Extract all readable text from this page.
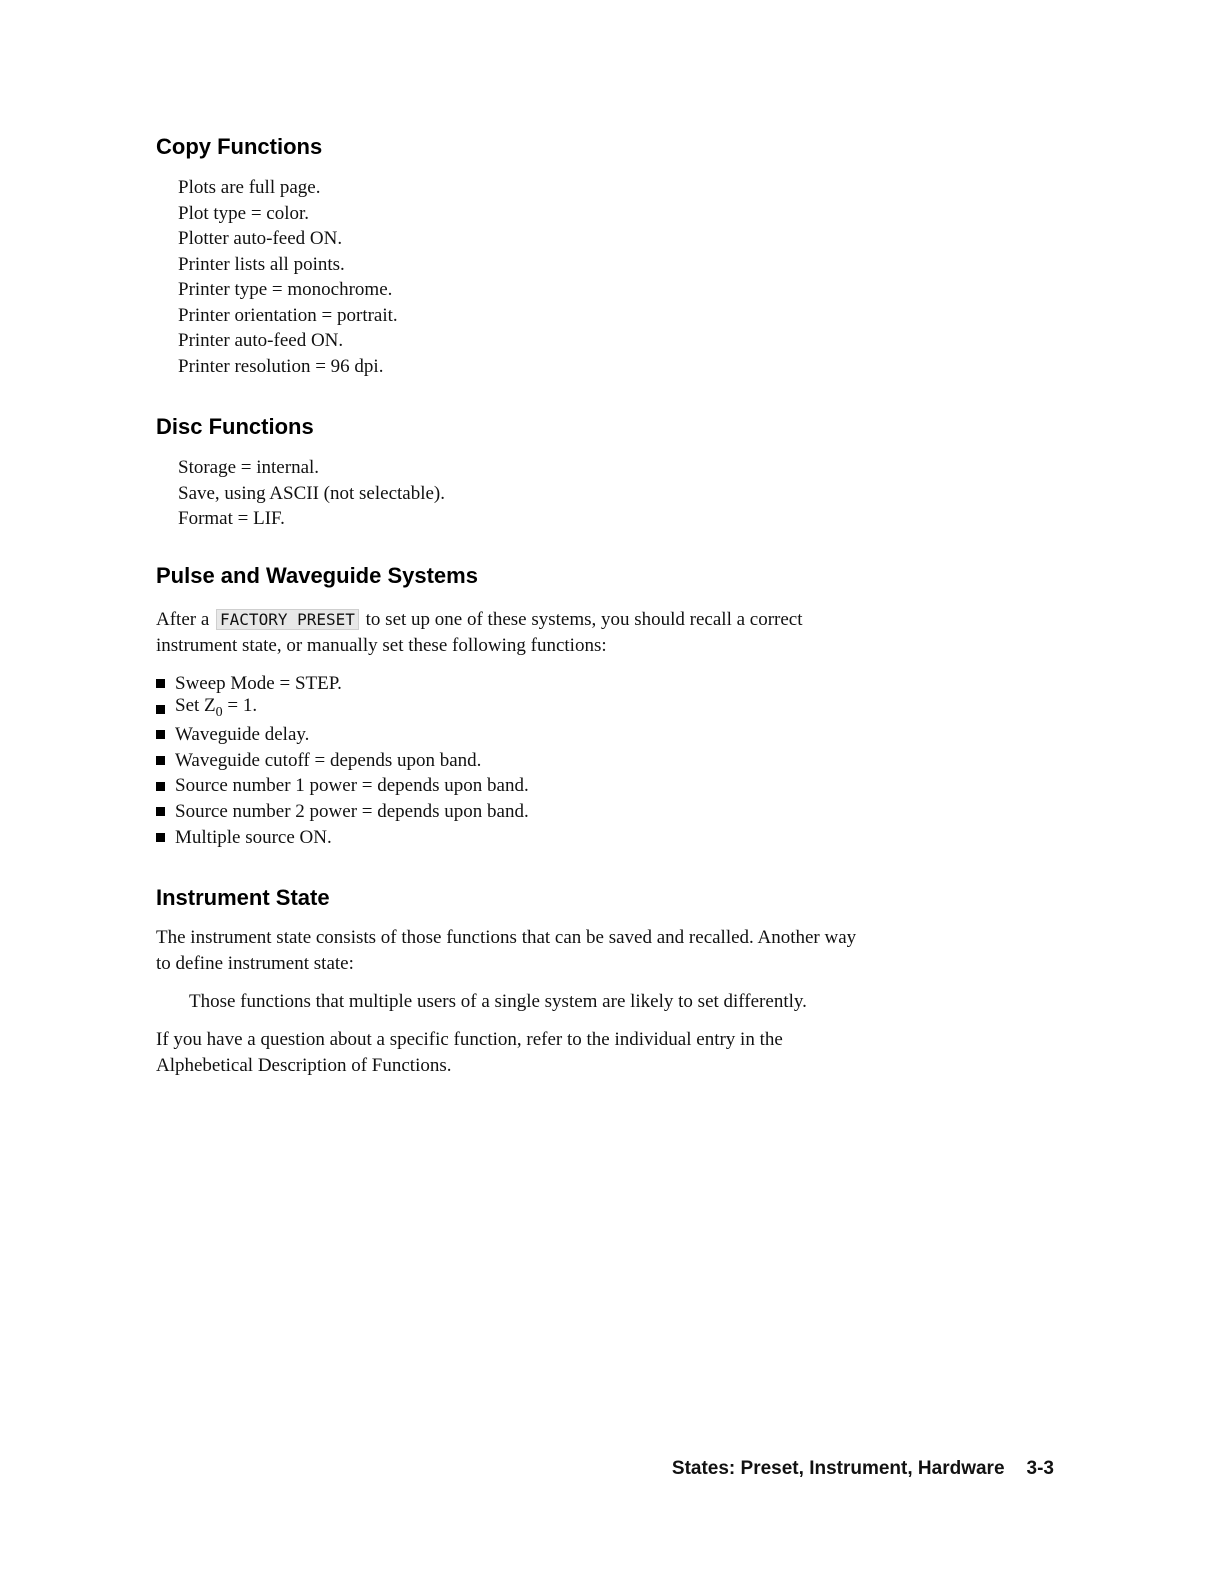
Copy Functions
Plots are full page.
Plot type = color.
Plotter auto-feed ON.
Printer lists all points.
Printer type = monochrome.
Printer orientation = portrait.
Printer auto-feed ON.
Printer resolution = 96 dpi.
Disc Functions
Storage = internal.
Save, using ASCII (not selectable).
Format = LIF.
Pulse and Waveguide Systems

After a FACTORY PRESET to set up one of these systems, you should recall a correct

instrument state, or manually set these following functions:

Sweep Mode = STEP.
Set $Z_0 = 1$.
Waveguide delay.
Waveguide cutoff = depends upon band.
Source number 1 power = depends upon band.
Source number 2 power = depends upon band.
Multiple source ON.
Instrument State

The instrument state consists of those functions that can be saved and recalled. Another way

to define instrument state:

Those functions that multiple users of a single system are likely to set differently.

If you have a question about a specific function, refer to the individual entry in the

Alphebetical Description of Functions.

States: Preset, Instrument, Hardware 3-3
